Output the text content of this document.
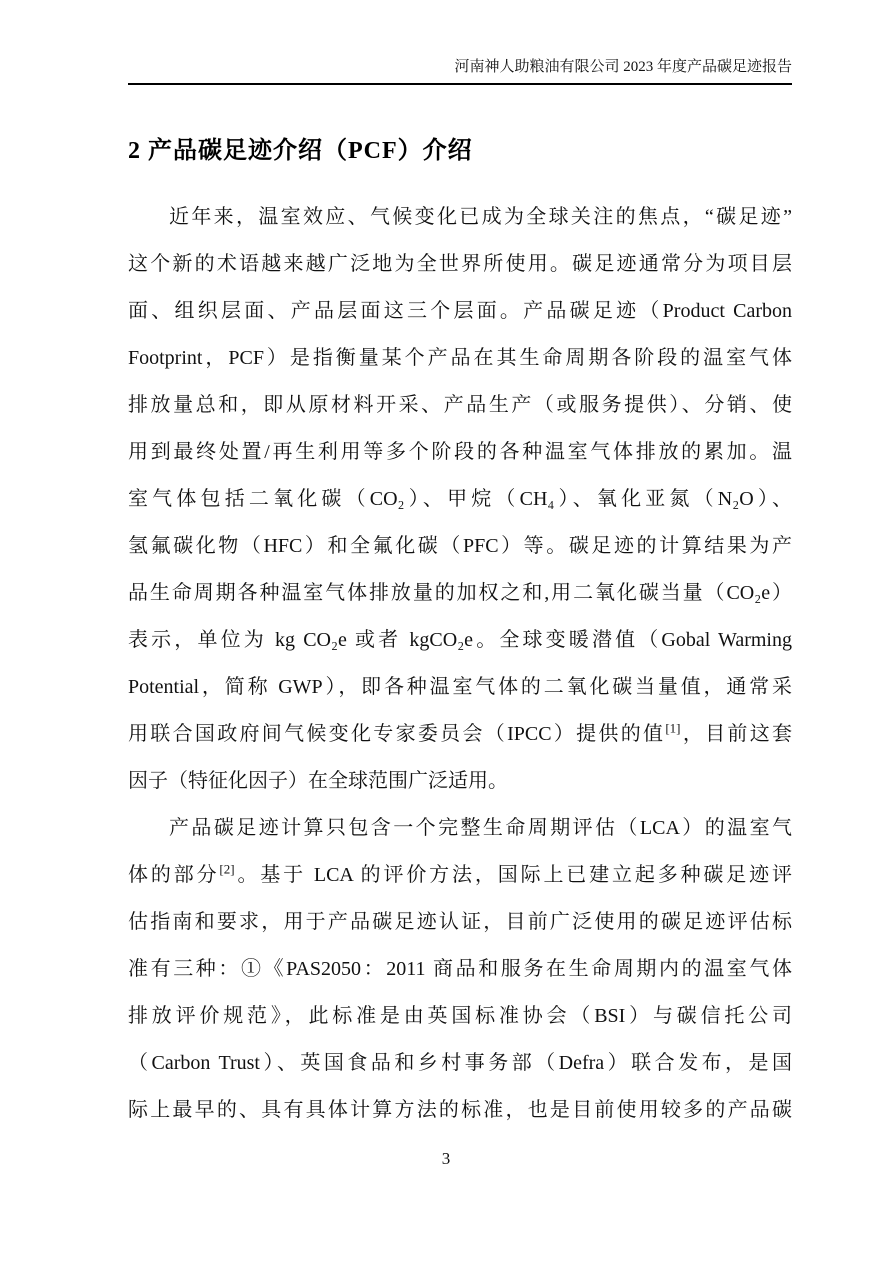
河南神人助粮油有限公司 2023 年度产品碳足迹报告
2 产品碳足迹介绍（PCF）介绍
近年来，温室效应、气候变化已成为全球关注的焦点，“碳足迹”
这个新的术语越来越广泛地为全世界所使用。碳足迹通常分为项目层
面、组织层面、产品层面这三个层面。产品碳足迹（Product Carbon
Footprint，PCF）是指衡量某个产品在其生命周期各阶段的温室气体
排放量总和，即从原材料开采、产品生产（或服务提供）、分销、使
用到最终处置/再生利用等多个阶段的各种温室气体排放的累加。温
室气体包括二氧化碳（CO₂）、甲烷（CH₄）、氧化亚氮（N₂O）、
氢氟碳化物（HFC）和全氟化碳（PFC）等。碳足迹的计算结果为产
品生命周期各种温室气体排放量的加权之和,用二氧化碳当量（CO₂e）
表示，单位为 kg CO₂e 或者 kgCO₂e。全球变暖潜值（Gobal Warming
Potential，简称 GWP），即各种温室气体的二氧化碳当量值，通常采
用联合国政府间气候变化专家委员会（IPCC）提供的值[1]，目前这套
因子（特征化因子）在全球范围广泛适用。
产品碳足迹计算只包含一个完整生命周期评估（LCA）的温室气
体的部分[2]。基于 LCA 的评价方法，国际上已建立起多种碳足迹评
估指南和要求，用于产品碳足迹认证，目前广泛使用的碳足迹评估标
准有三种：①《PAS2050：2011 商品和服务在生命周期内的温室气体
排放评价规范》，此标准是由英国标准协会（BSI）与碳信托公司
（Carbon Trust）、英国食品和乡村事务部（Defra）联合发布，是国
际上最早的、具有具体计算方法的标准，也是目前使用较多的产品碳
3
